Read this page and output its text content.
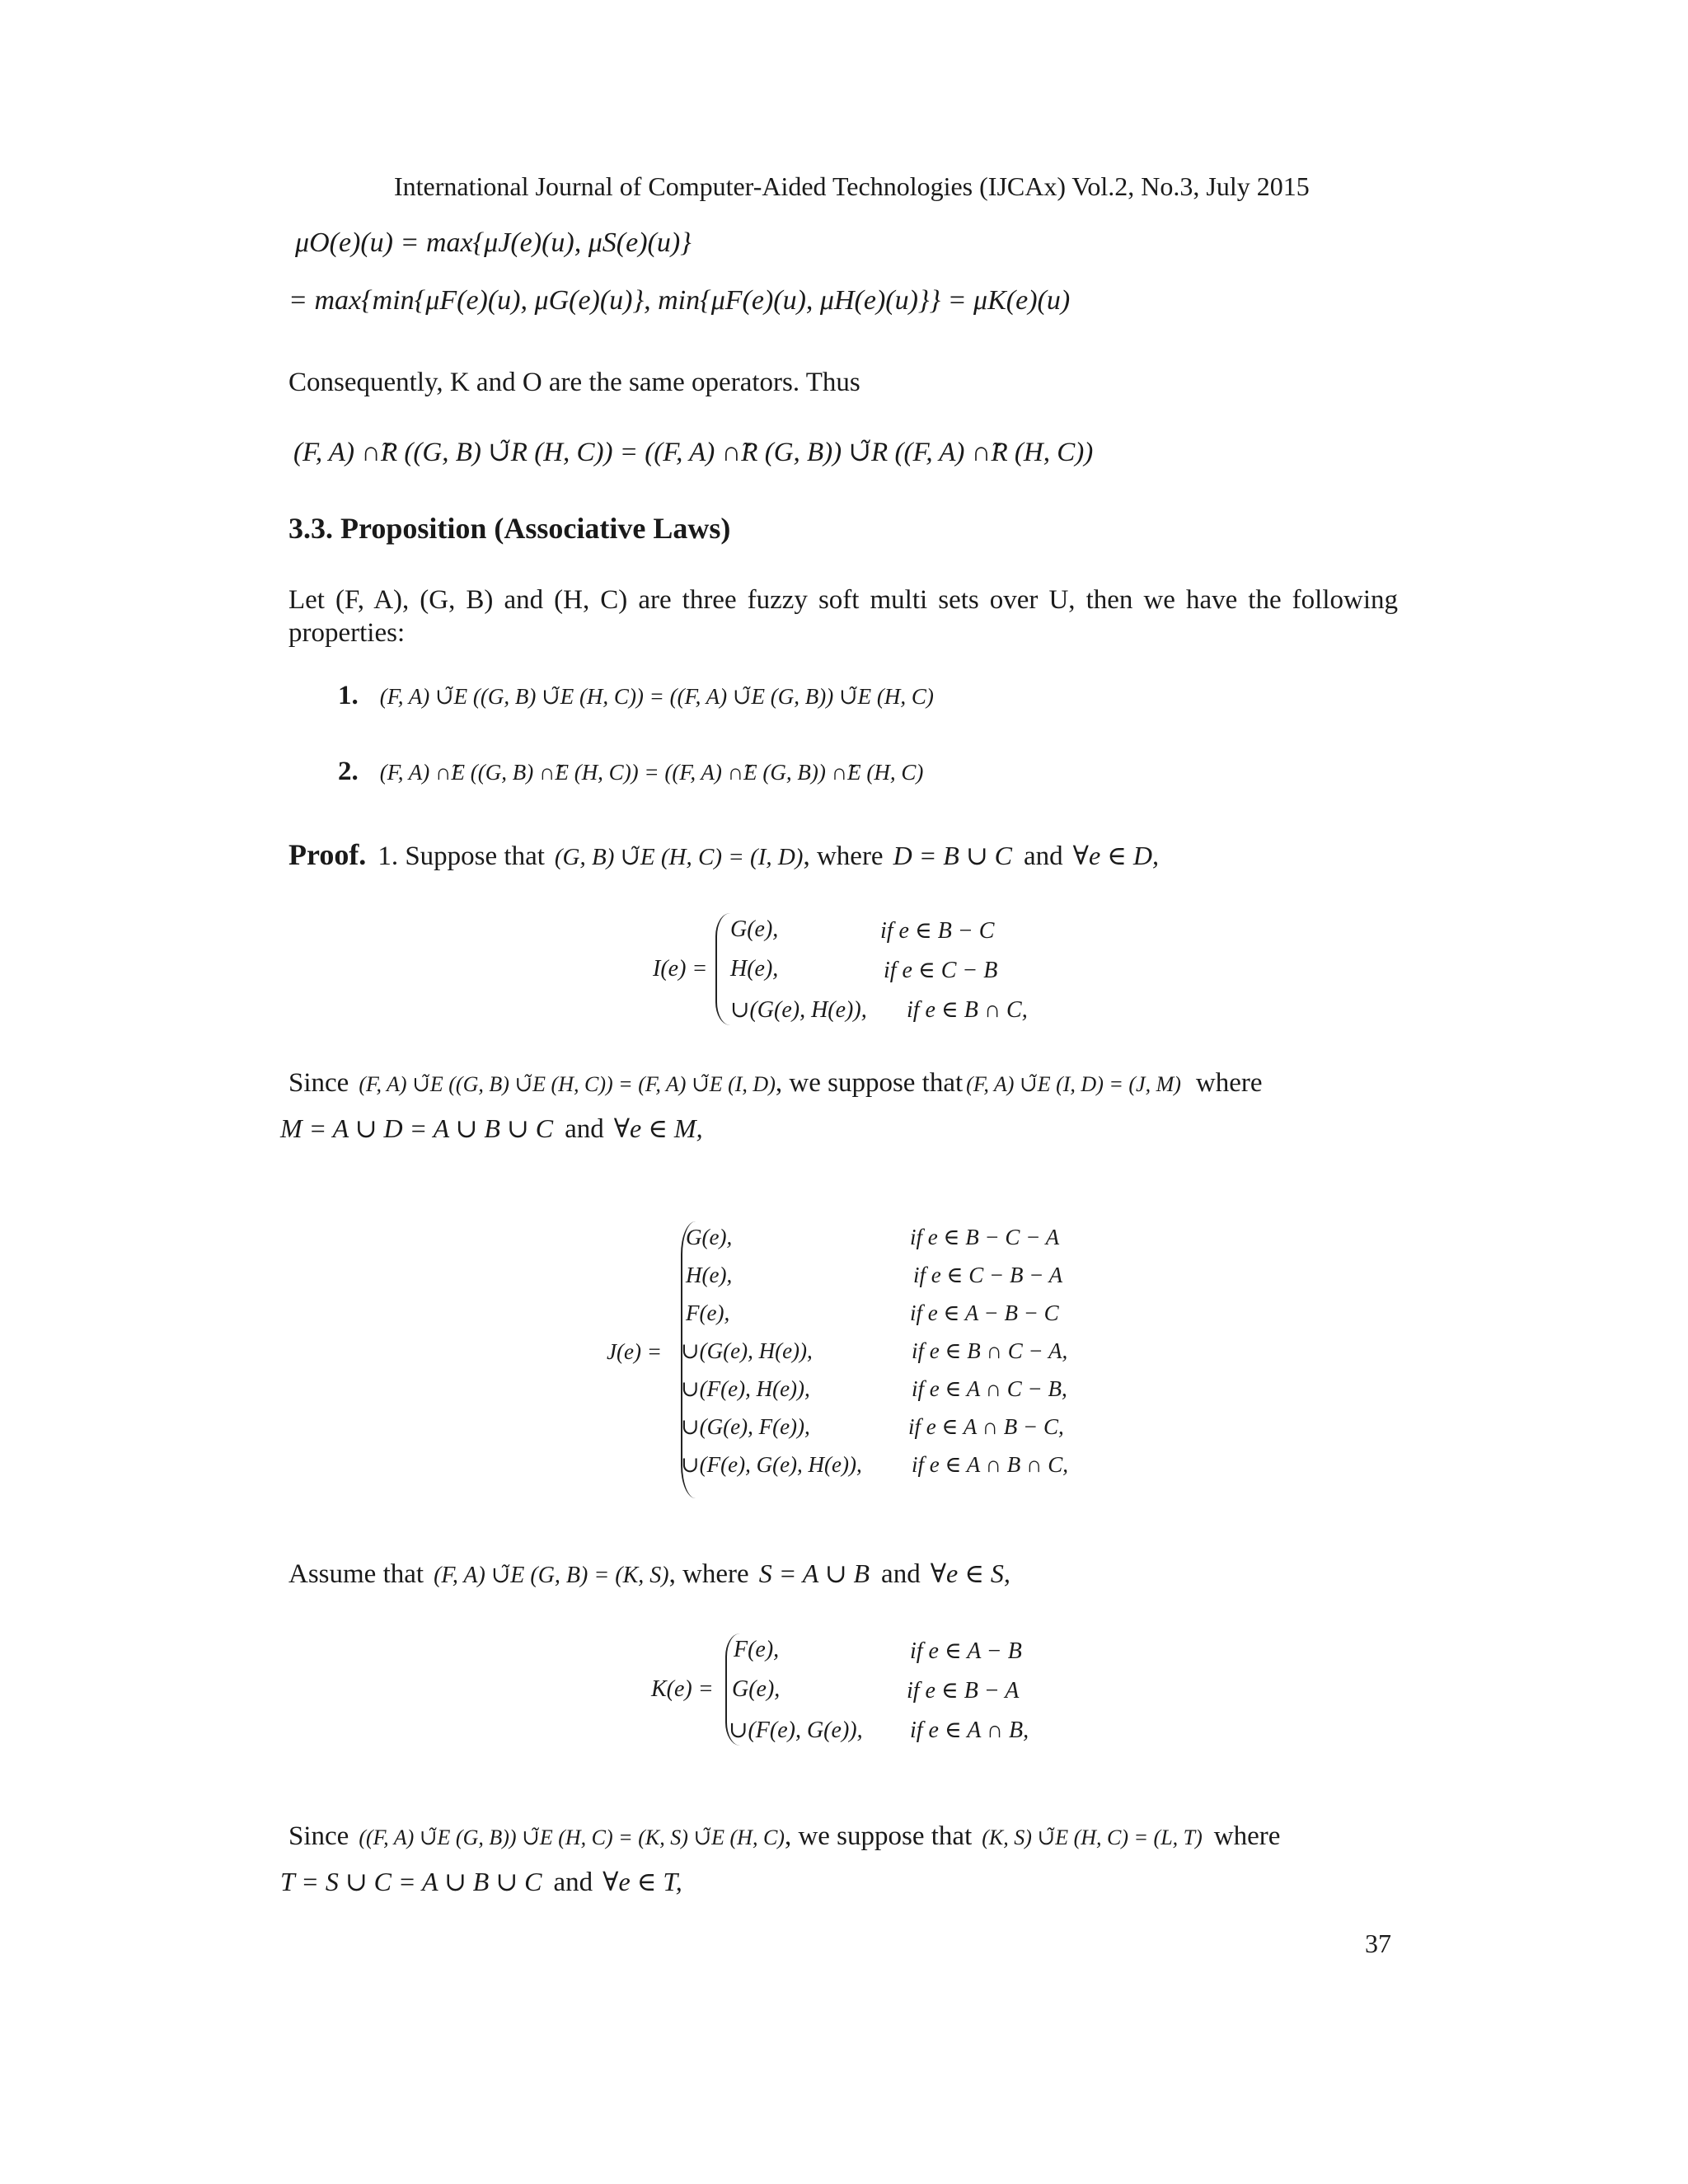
International Journal of Computer-Aided Technologies (IJCAx) Vol.2, No.3, July 2015
μO(e)(u) = max{μJ(e)(u), μS(e)(u)}
= max{min{μF(e)(u), μG(e)(u)}, min{μF(e)(u), μH(e)(u)}} = μK(e)(u)
Consequently, K and O are the same operators. Thus
(F, A) ∩̃R ((G, B) ∪̃R (H, C)) = ((F, A) ∩̃R (G, B)) ∪̃R ((F, A) ∩̃R (H, C))
3.3. Proposition (Associative Laws)
Let (F, A), (G, B) and (H, C) are three fuzzy soft multi sets over U, then we have the following properties:
1. (F, A) ∪̃E ((G, B) ∪̃E (H, C)) = ((F, A) ∪̃E (G, B)) ∪̃E (H, C)
2. (F, A) ∩̃E ((G, B) ∩̃E (H, C)) = ((F, A) ∩̃E (G, B)) ∩̃E (H, C)
Proof. 1. Suppose that (G, B) ∪̃E (H, C) = (I, D), where D = B ∪ C and ∀e ∈ D,
I(e) =
G(e),	if e ∈ B − C
H(e),	if e ∈ C − B
∪(G(e), H(e)), if e ∈ B ∩ C,
Since (F, A) ∪̃E ((G, B) ∪̃E (H, C)) = (F, A) ∪̃E (I, D), we suppose that (F, A) ∪̃E (I, D) = (J, M) where
M = A ∪ D = A ∪ B ∪ C and ∀e ∈ M,
J(e) =
G(e),	if e ∈ B − C − A
H(e),	if e ∈ C − B − A
F(e),	if e ∈ A − B − C
∪(G(e), H(e)),	if e ∈ B ∩ C − A,
∪(F(e), H(e)),	if e ∈ A ∩ C − B,
∪(G(e), F(e)),	if e ∈ A ∩ B − C,
∪(F(e), G(e), H(e)), if e ∈ A ∩ B ∩ C,
Assume that (F, A) ∪̃E (G, B) = (K, S), where S = A ∪ B and ∀e ∈ S,
K(e) =
F(e),	if e ∈ A − B
G(e),	if e ∈ B − A
∪(F(e), G(e)), if e ∈ A ∩ B,
Since ((F, A) ∪̃E (G, B)) ∪̃E (H, C) = (K, S) ∪̃E (H, C), we suppose that (K, S) ∪̃E (H, C) = (L, T) where
T = S ∪ C = A ∪ B ∪ C and ∀e ∈ T,
37
